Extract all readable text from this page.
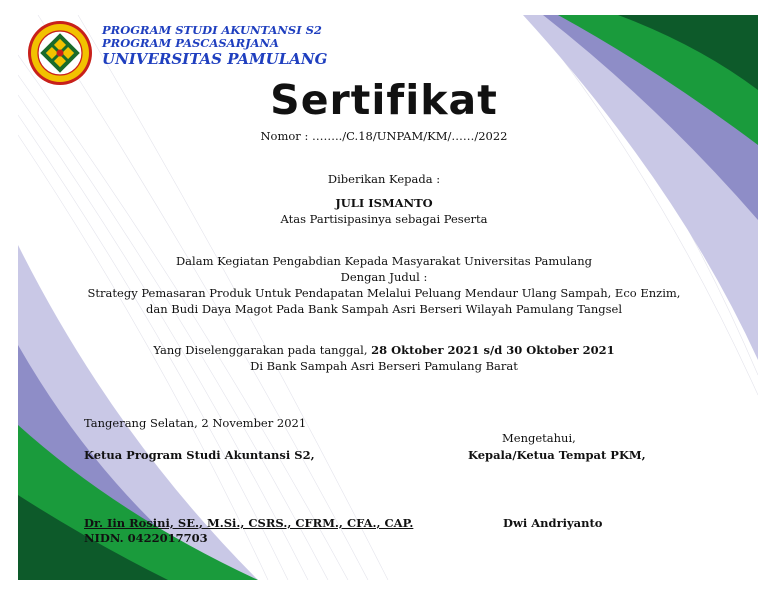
PROGRAM STUDI AKUNTANSI S2
PROGRAM PASCASARJANA
UNIVERSITAS PAMULANG
Sertifikat
Nomor : ……../C.18/UNPAM/KM/……/2022
Diberikan Kepada :
JULI ISMANTO
Atas Partisipasinya sebagai Peserta
Dalam Kegiatan Pengabdian Kepada Masyarakat Universitas Pamulang
Dengan Judul :
Strategy Pemasaran Produk Untuk Pendapatan Melalui Peluang Mendaur Ulang Sampah, Eco Enzim,
dan Budi Daya Magot Pada Bank Sampah Asri Berseri Wilayah Pamulang Tangsel
Yang Diselenggarakan pada tanggal, 28 Oktober 2021 s/d 30 Oktober 2021
Di Bank Sampah Asri Berseri Pamulang Barat
Tangerang Selatan, 2 November 2021
Ketua Program Studi Akuntansi S2,
Dr. Iin Rosini, SE., M.Si., CSRS., CFRM., CFA., CAP.
NIDN. 0422017703
Mengetahui,
Kepala/Ketua Tempat PKM,
Dwi Andriyanto
